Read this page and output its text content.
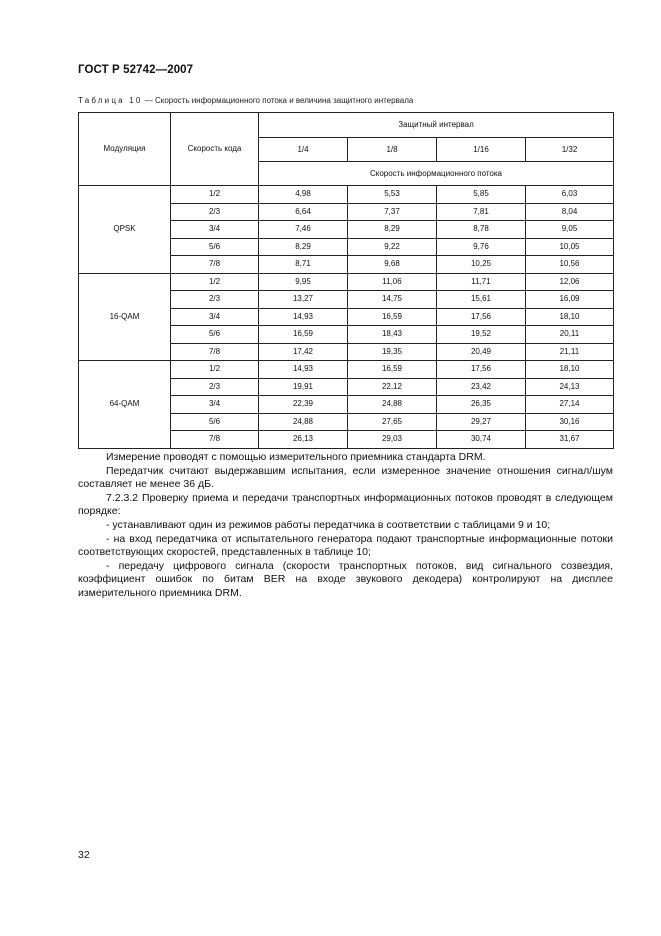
ГОСТ Р 52742—2007
Таблица 10 — Скорость информационного потока и величина защитного интервала
Модуляция	Скорость кода	Защитный интервал			
		1/4	1/8	1/16	1/32
		Скорость информационного потока			
QPSK	1/2	4,98	5,53	5,85	6,03
	2/3	6,64	7,37	7,81	8,04
	3/4	7,46	8,29	8,78	9,05
	5/6	8,29	9,22	9,76	10,05
	7/8	8,71	9,68	10,25	10,56
16-QAM	1/2	9,95	11,06	11,71	12,06
	2/3	13,27	14,75	15,61	16,09
	3/4	14,93	16,59	17,56	18,10
	5/6	16,59	18,43	19,52	20,11
	7/8	17,42	19,35	20,49	21,11
64-QAM	1/2	14,93	16,59	17,56	18,10
	2/3	19,91	22,12	23,42	24,13
	3/4	22,39	24,88	26,35	27,14
	5/6	24,88	27,65	29,27	30,16
	7/8	26,13	29,03	30,74	31,67

Измерение проводят с помощью измерительного приемника стандарта DRM.

Передатчик считают выдержавшим испытания, если измеренное значение отношения сигнал/шум составляет не менее 36 дБ.

7.2.3.2 Проверку приема и передачи транспортных информационных потоков проводят в следующем порядке:

- устанавливают один из режимов работы передатчика в соответствии с таблицами 9 и 10;

- на вход передатчика от испытательного генератора подают транспортные информационные потоки соответствующих скоростей, представленных в таблице 10;

- передачу цифрового сигнала (скорости транспортных потоков, вид сигнального созвездия, коэффициент ошибок по битам BER на входе звукового декодера) контролируют на дисплее измерительного приемника DRM.

32
